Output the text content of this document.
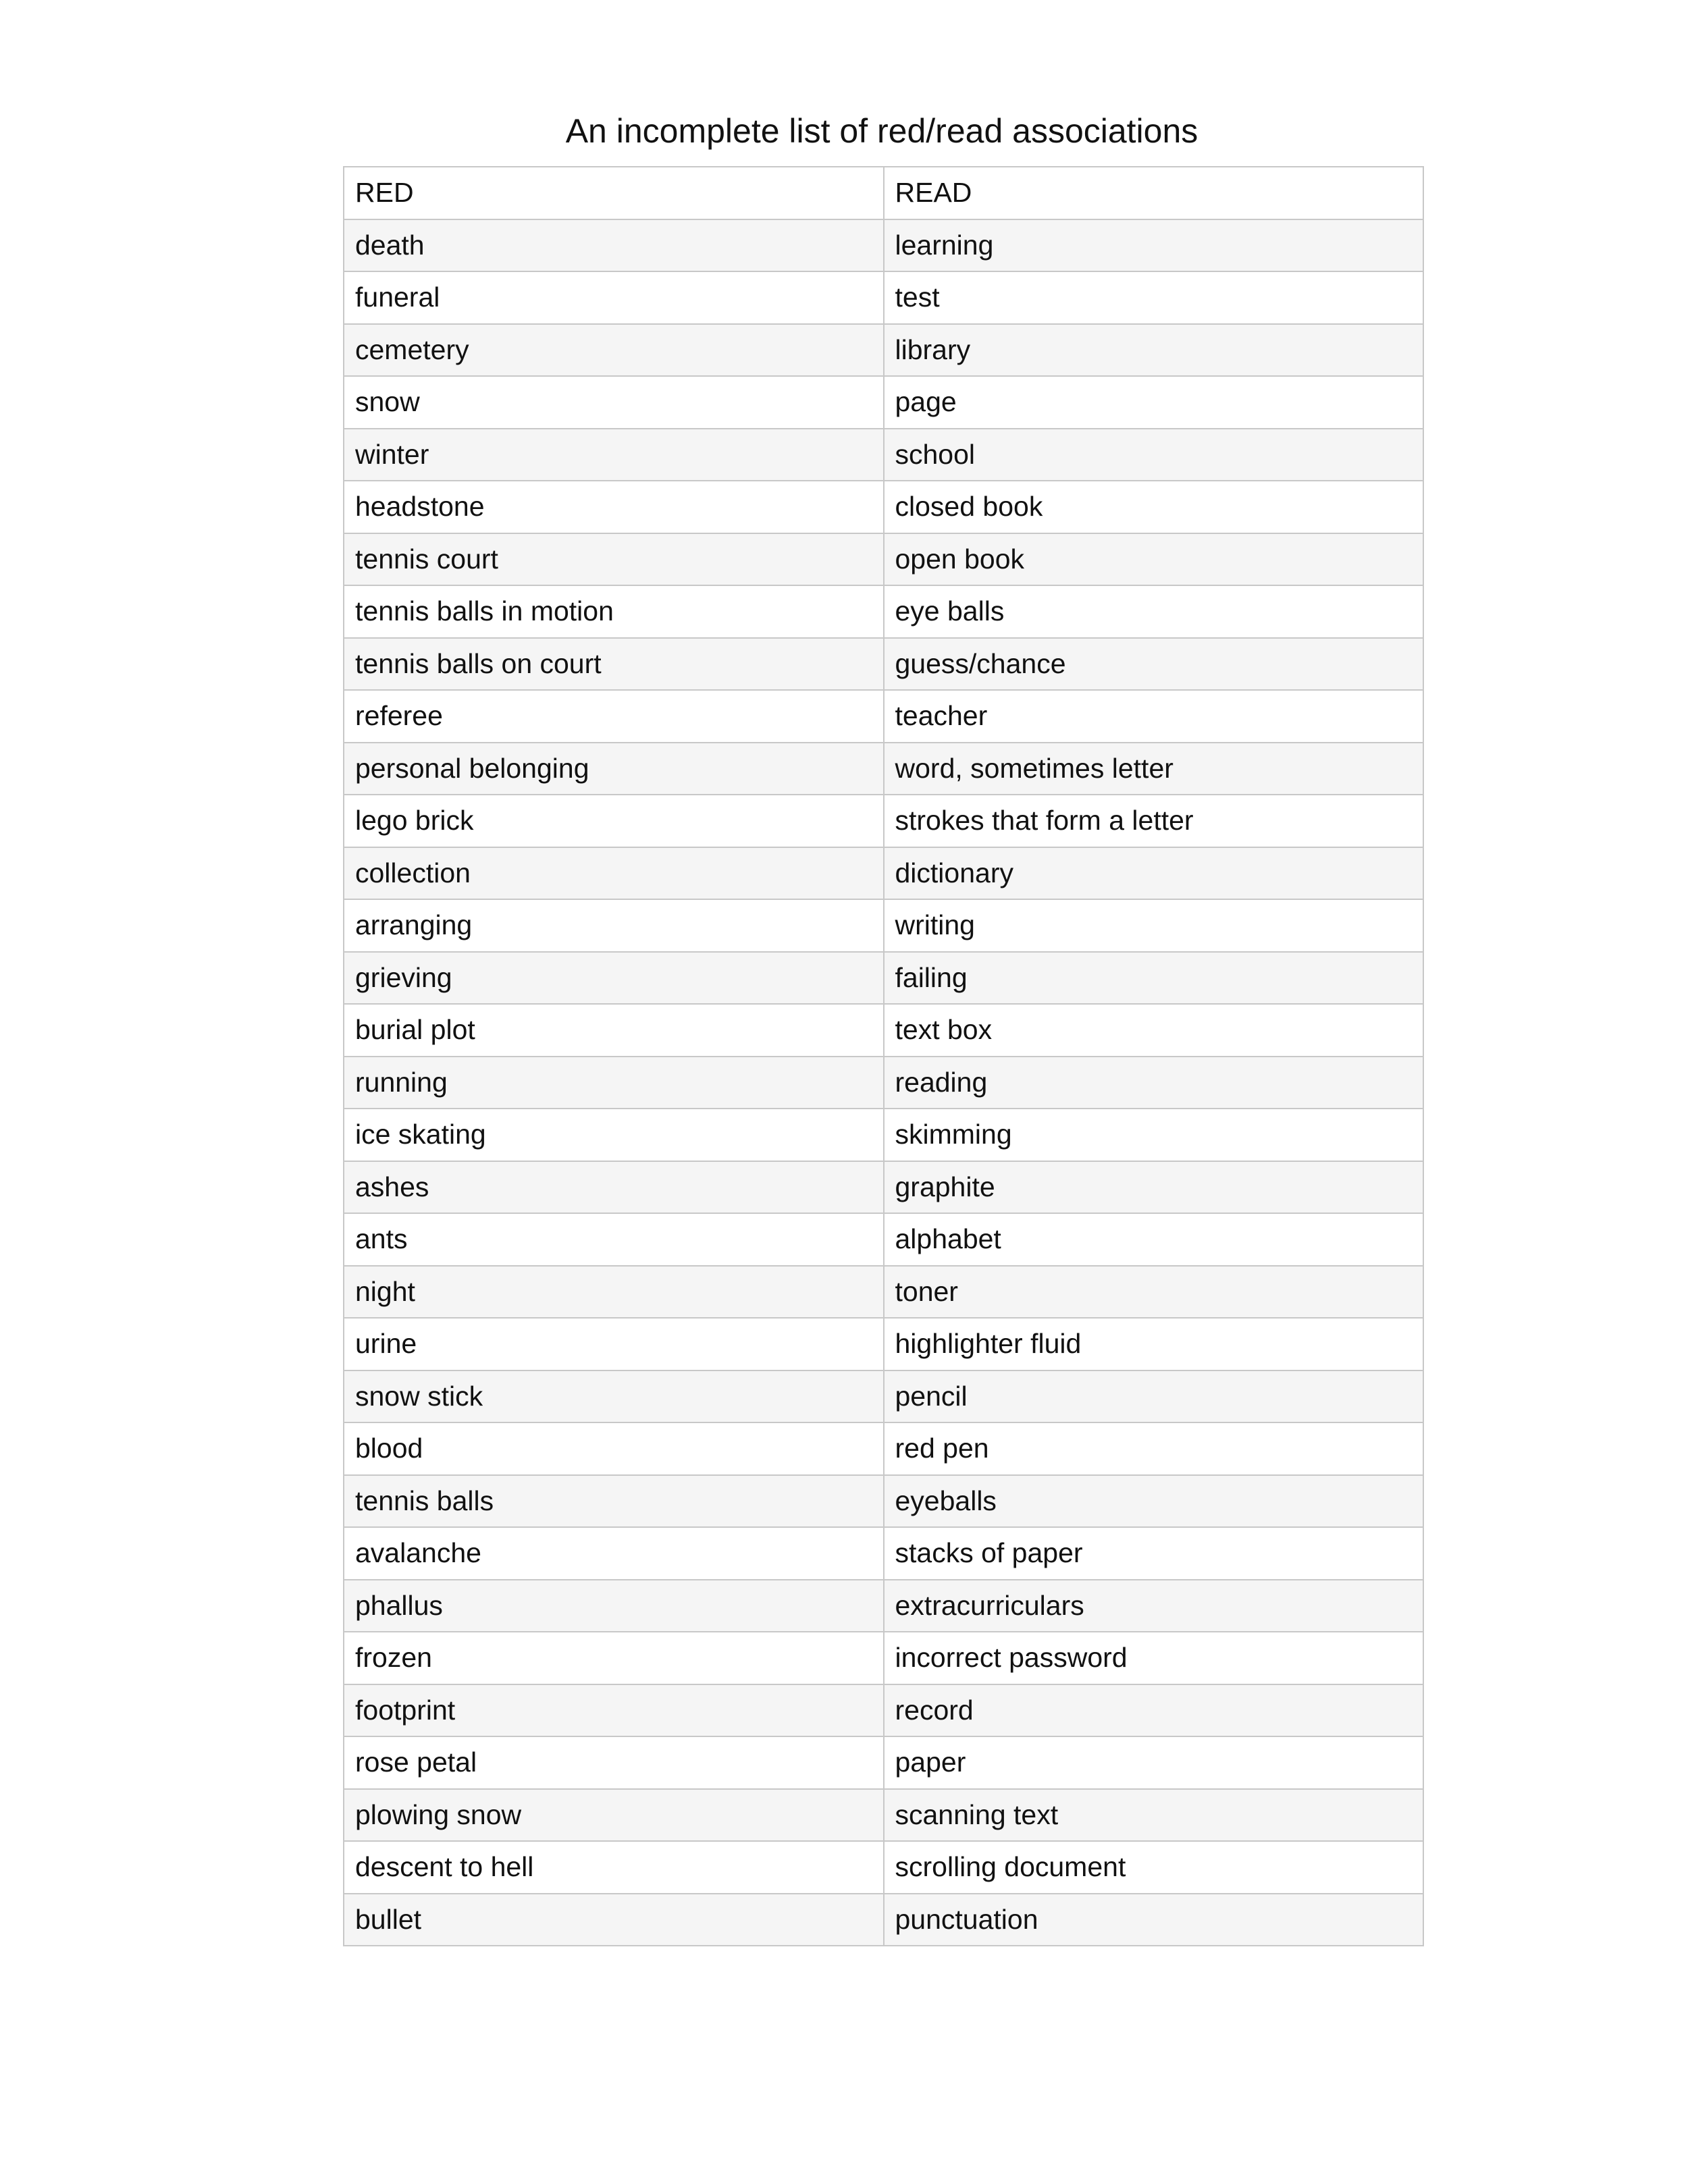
An incomplete list of red/read associations
RED	READ
death	learning
funeral	test
cemetery	library
snow	page
winter	school
headstone	closed book
tennis court	open book
tennis balls in motion	eye balls
tennis balls on court	guess/chance
referee	teacher
personal belonging	word, sometimes letter
lego brick	strokes that form a letter
collection	dictionary
arranging	writing
grieving	failing
burial plot	text box
running	reading
ice skating	skimming
ashes	graphite
ants	alphabet
night	toner
urine	highlighter fluid
snow stick	pencil
blood	red pen
tennis balls	eyeballs
avalanche	stacks of paper
phallus	extracurriculars
frozen	incorrect password
footprint	record
rose petal	paper
plowing snow	scanning text
descent to hell	scrolling document
bullet	punctuation
